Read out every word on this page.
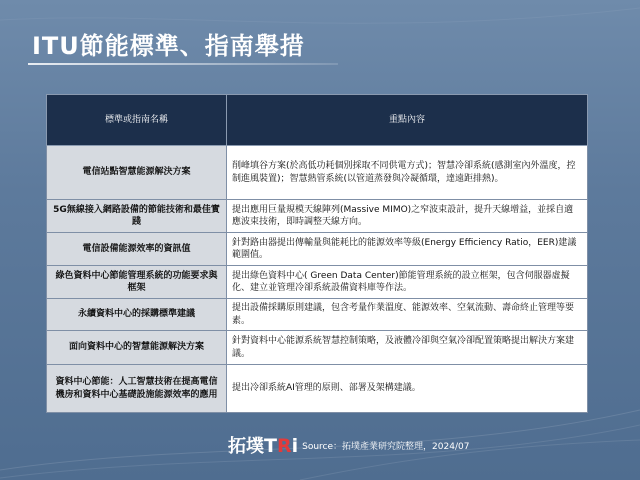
ITU節能標準、指南舉措
標準或指南名稱	重點內容
電信站點智慧能源解決方案	削峰填谷方案(於高低功耗個別採取不同供電方式)；智慧冷卻系統(感測室內外溫度，控制進風裝置)；智慧熱管系統(以管道蒸發與冷凝循環，達遠距排熱)。
5G無線接入網路設備的節能技術和最佳實踐	提出應用巨量規模天線陣列(Massive MIMO)之窄波束設計，提升天線增益，並採自適應波束技術，即時調整天線方向。
電信設備能源效率的資訊值	針對路由器提出傳輸量與能耗比的能源效率等級(Energy Efficiency Ratio，EER)建議範圍值。
綠色資料中心節能管理系統的功能要求與框架	提出綠色資料中心( Green Data Center)節能管理系統的設立框架，包含伺服器虛擬化、建立並管理冷卻系統設備資料庫等作法。
永續資料中心的採購標準建議	提出設備採購原則建議，包含考量作業溫度、能源效率、空氣流動、壽命終止管理等要素。
面向資料中心的智慧能源解決方案	針對資料中心能源系統智慧控制策略，及液體冷卻與空氣冷卻配置策略提出解決方案建議。
資料中心節能：人工智慧技術在提高電信機房和資料中心基礎設施能源效率的應用	提出冷卻系統AI管理的原則、部署及架構建議。
拓墣 T R i Source：拓墣產業研究院整理，2024/07
